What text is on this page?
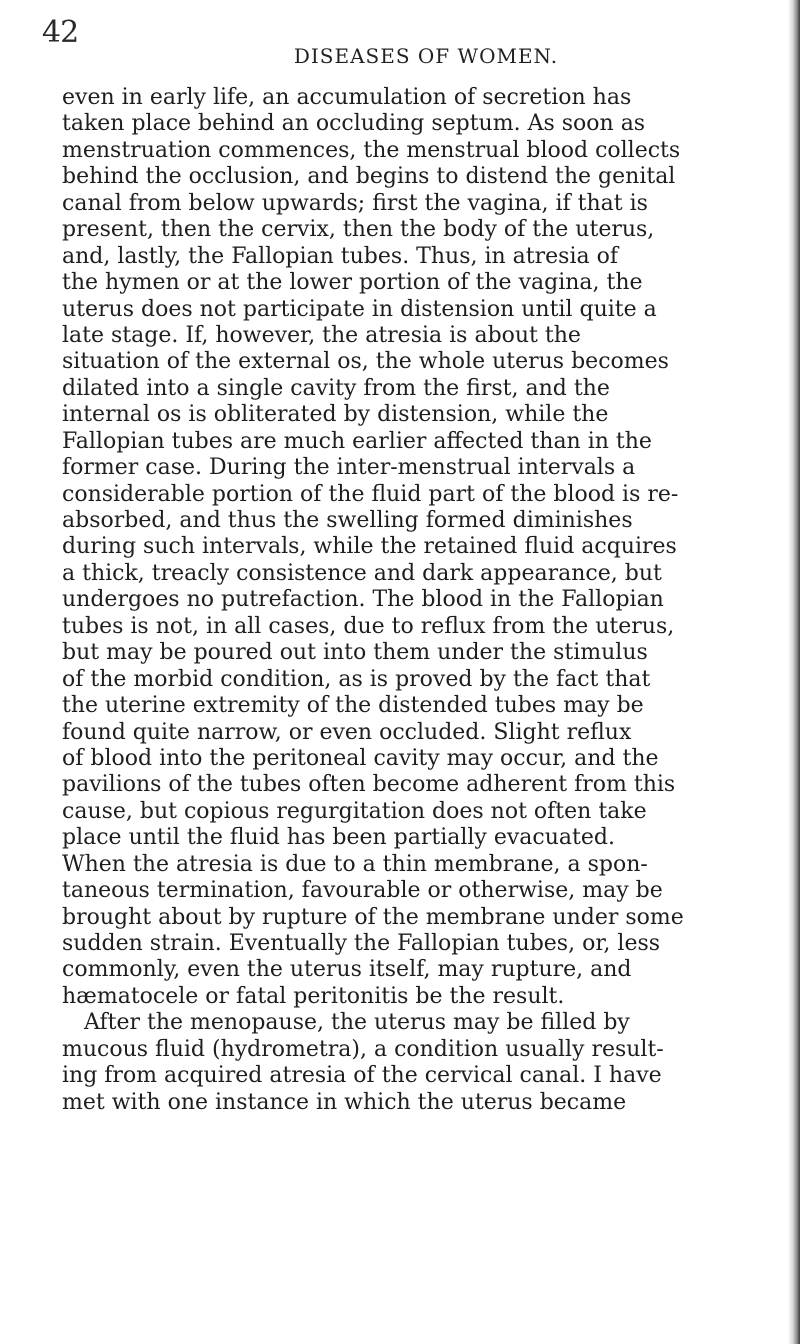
42
DISEASES OF WOMEN.
even in early life, an accumulation of secretion has
taken place behind an occluding septum. As soon as
menstruation commences, the menstrual blood collects
behind the occlusion, and begins to distend the genital
canal from below upwards; first the vagina, if that is
present, then the cervix, then the body of the uterus,
and, lastly, the Fallopian tubes. Thus, in atresia of
the hymen or at the lower portion of the vagina, the
uterus does not participate in distension until quite a
late stage. If, however, the atresia is about the
situation of the external os, the whole uterus becomes
dilated into a single cavity from the first, and the
internal os is obliterated by distension, while the
Fallopian tubes are much earlier affected than in the
former case. During the inter-menstrual intervals a
considerable portion of the fluid part of the blood is re-
absorbed, and thus the swelling formed diminishes
during such intervals, while the retained fluid acquires
a thick, treacly consistence and dark appearance, but
undergoes no putrefaction. The blood in the Fallopian
tubes is not, in all cases, due to reflux from the uterus,
but may be poured out into them under the stimulus
of the morbid condition, as is proved by the fact that
the uterine extremity of the distended tubes may be
found quite narrow, or even occluded. Slight reflux
of blood into the peritoneal cavity may occur, and the
pavilions of the tubes often become adherent from this
cause, but copious regurgitation does not often take
place until the fluid has been partially evacuated.
When the atresia is due to a thin membrane, a spon-
taneous termination, favourable or otherwise, may be
brought about by rupture of the membrane under some
sudden strain. Eventually the Fallopian tubes, or, less
commonly, even the uterus itself, may rupture, and
hæmatocele or fatal peritonitis be the result.
 After the menopause, the uterus may be filled by
mucous fluid (hydrometra), a condition usually result-
ing from acquired atresia of the cervical canal. I have
met with one instance in which the uterus became
